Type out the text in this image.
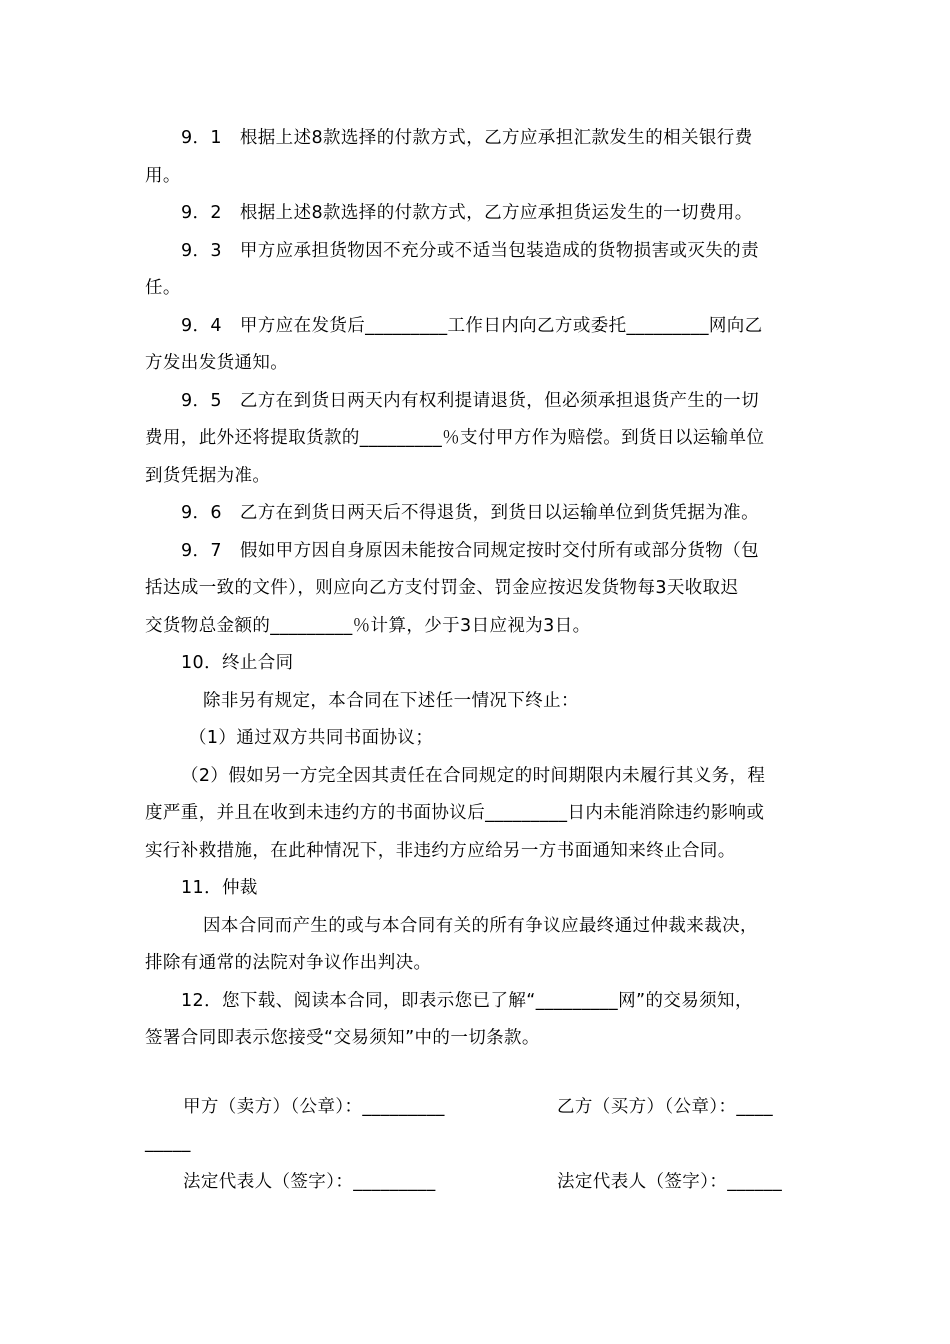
9．1　根据上述8款选择的付款方式，乙方应承担汇款发生的相关银行费
用。
9．2　根据上述8款选择的付款方式，乙方应承担货运发生的一切费用。
9．3　甲方应承担货物因不充分或不适当包装造成的货物损害或灭失的责
任。
9．4　甲方应在发货后_________工作日内向乙方或委托_________网向乙
方发出发货通知。
9．5　乙方在到货日两天内有权利提请退货，但必须承担退货产生的一切
费用，此外还将提取货款的_________％支付甲方作为赔偿。到货日以运输单位
到货凭据为准。
9．6　乙方在到货日两天后不得退货，到货日以运输单位到货凭据为准。
9．7　假如甲方因自身原因未能按合同规定按时交付所有或部分货物（包
括达成一致的文件），则应向乙方支付罚金、罚金应按迟发货物每3天收取迟
交货物总金额的_________％计算，少于3日应视为3日。
10．终止合同
除非另有规定，本合同在下述任一情况下终止：
（1）通过双方共同书面协议；
（2）假如另一方完全因其责任在合同规定的时间期限内未履行其义务，程
度严重，并且在收到未违约方的书面协议后_________日内未能消除违约影响或
实行补救措施，在此种情况下，非违约方应给另一方书面通知来终止合同。
11．仲裁
因本合同而产生的或与本合同有关的所有争议应最终通过仲裁来裁决，
排除有通常的法院对争议作出判决。
12．您下载、阅读本合同，即表示您已了解“_________网”的交易须知，
签署合同即表示您接受“交易须知”中的一切条款。
甲方（卖方）（公章）：_________	乙方（买方）（公章）：____
_____
法定代表人（签字）：_________	法定代表人（签字）：______
